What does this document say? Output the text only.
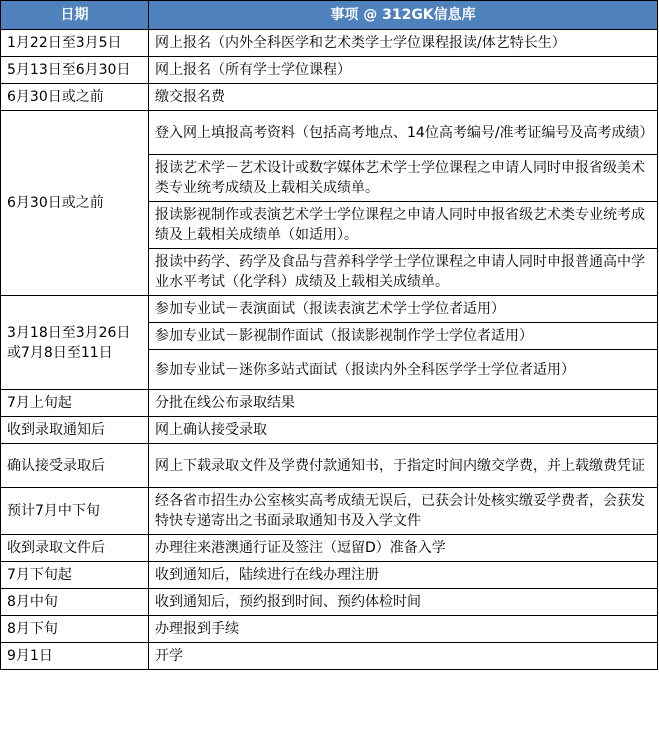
日期	事项 @ 312GK信息库
1月22日至3月5日	网上报名（内外全科医学和艺术类学士学位课程报读/体艺特长生）
5月13日至6月30日	网上报名（所有学士学位课程）
6月30日或之前	缴交报名费
6月30日或之前	登入网上填报高考资料（包括高考地点、14位高考编号/准考证编号及高考成绩）
	报读艺术学－艺术设计或数字媒体艺术学士学位课程之申请人同时申报省级美术类专业统考成绩及上载相关成绩单。
	报读影视制作或表演艺术学士学位课程之申请人同时申报省级艺术类专业统考成绩及上载相关成绩单（如适用）。
	报读中药学、药学及食品与营养科学学士学位课程之申请人同时申报普通高中学业水平考试（化学科）成绩及上载相关成绩单。
3月18日至3月26日或7月8日至11日	参加专业试－表演面试（报读表演艺术学士学位者适用）
	参加专业试－影视制作面试（报读影视制作学士学位者适用）
	参加专业试－迷你多站式面试（报读内外全科医学学士学位者适用）
7月上旬起	分批在线公布录取结果
收到录取通知后	网上确认接受录取
确认接受录取后	网上下载录取文件及学费付款通知书，于指定时间内缴交学费，并上载缴费凭证
预计7月中下旬	经各省市招生办公室核实高考成绩无误后，已获会计处核实缴妥学费者，会获发特快专递寄出之书面录取通知书及入学文件
收到录取文件后	办理往来港澳通行证及签注（逗留D）准备入学
7月下旬起	收到通知后，陆续进行在线办理注册
8月中旬	收到通知后，预约报到时间、预约体检时间
8月下旬	办理报到手续
9月1日	开学
